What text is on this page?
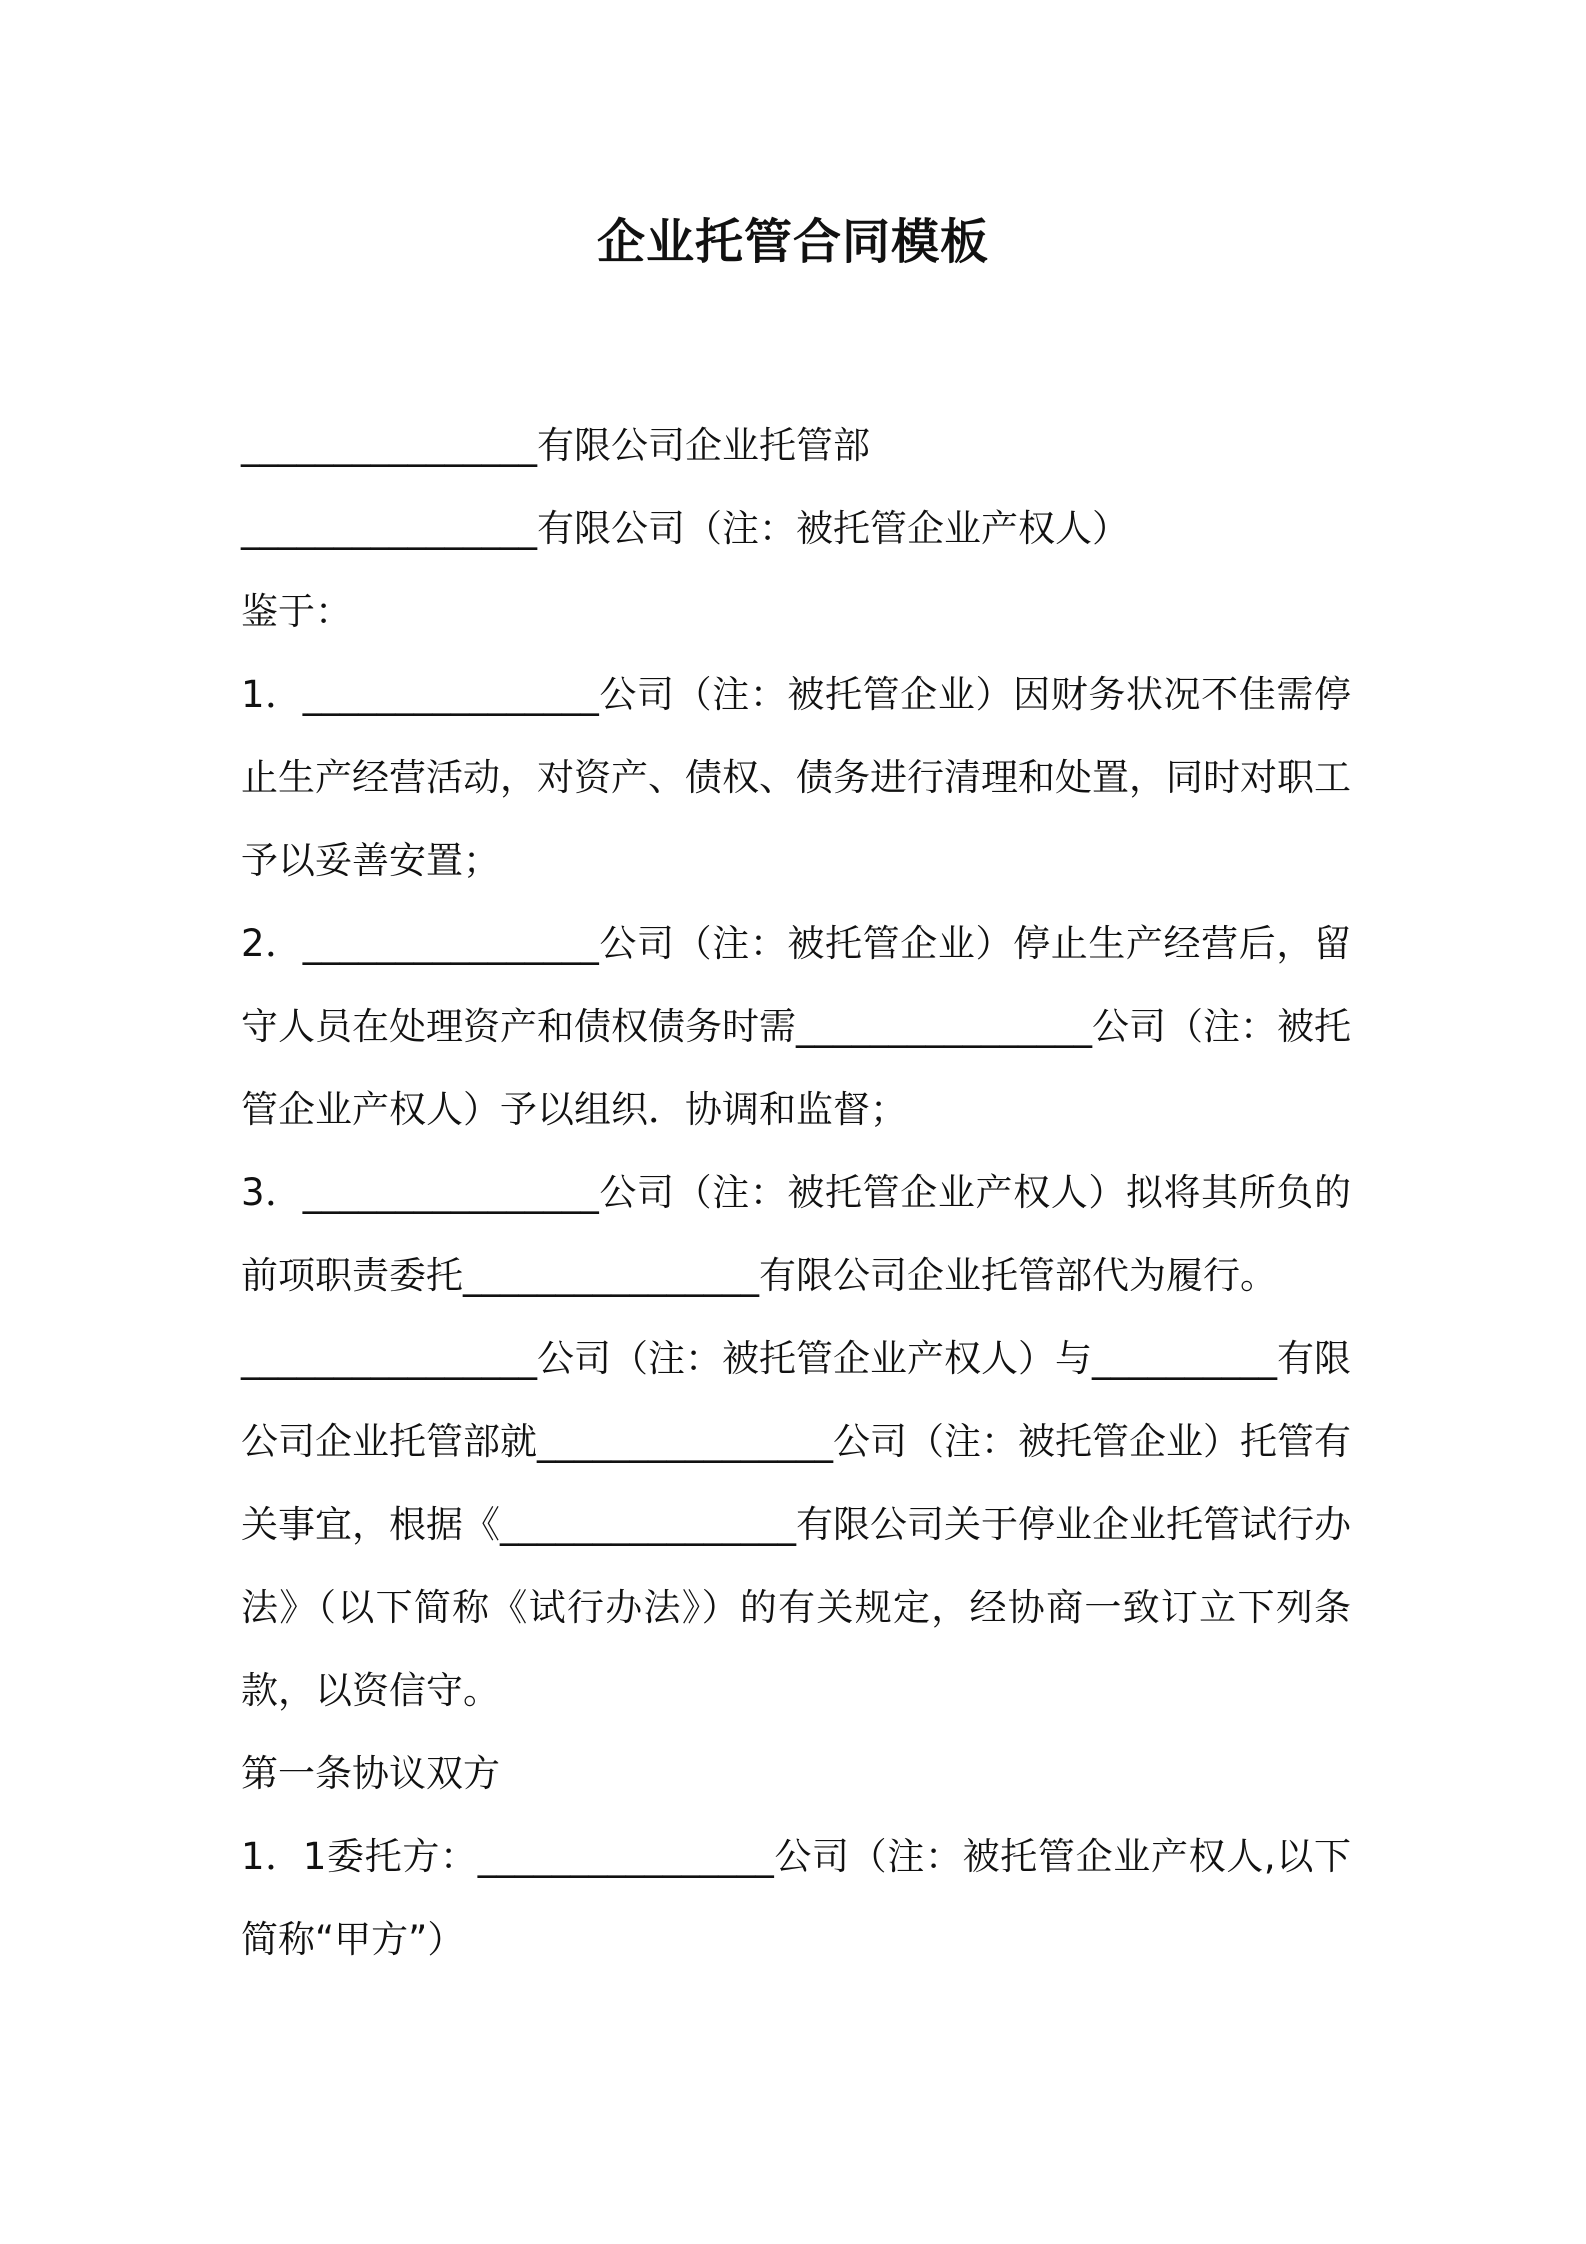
企业托管合同模板

________________有限公司企业托管部

________________有限公司（注：被托管企业产权人）

鉴于：

1．________________公司（注：被托管企业）因财务状况不佳需停止生产经营活动，对资产、债权、债务进行清理和处置，同时对职工予以妥善安置；

2．________________公司（注：被托管企业）停止生产经营后，留守人员在处理资产和债权债务时需________________公司（注：被托管企业产权人）予以组织．协调和监督；

3．________________公司（注：被托管企业产权人）拟将其所负的前项职责委托________________有限公司企业托管部代为履行。

________________公司（注：被托管企业产权人）与__________有限公司企业托管部就________________公司（注：被托管企业）托管有关事宜，根据《________________有限公司关于停业企业托管试行办法》（以下简称《试行办法》）的有关规定，经协商一致订立下列条款，以资信守。

第一条协议双方

1．1委托方：________________公司（注：被托管企业产权人,以下简称“甲方”）
